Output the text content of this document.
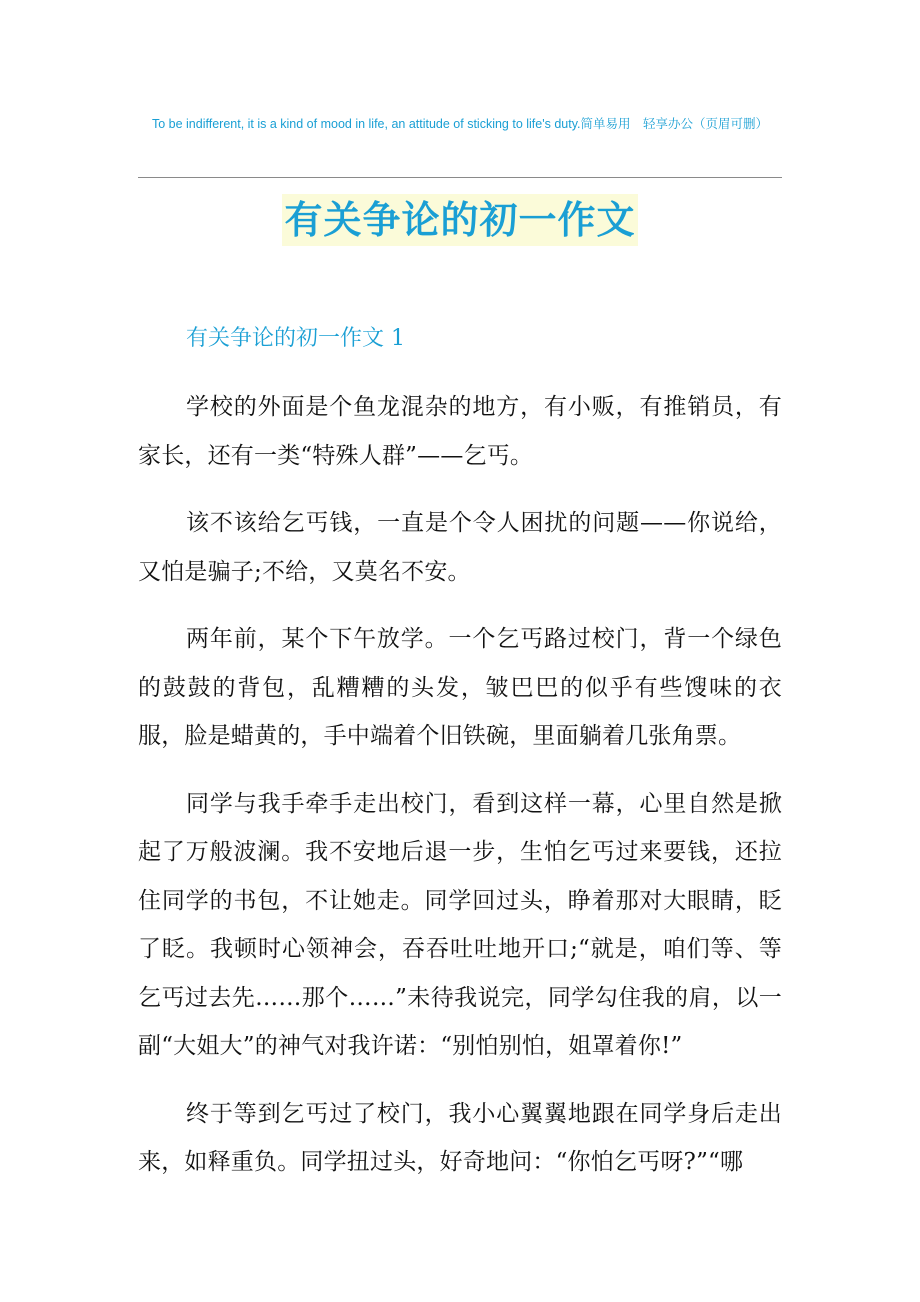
To be indifferent, it is a kind of mood in life, an attitude of sticking to life's duty.简单易用　轻享办公（页眉可删）
有关争论的初一作文
有关争论的初一作文 1

学校的外面是个鱼龙混杂的地方，有小贩，有推销员，有家长，还有一类“特殊人群”——乞丐。

该不该给乞丐钱，一直是个令人困扰的问题——你说给，又怕是骗子;不给，又莫名不安。

两年前，某个下午放学。一个乞丐路过校门，背一个绿色的鼓鼓的背包，乱糟糟的头发，皱巴巴的似乎有些馊味的衣服，脸是蜡黄的，手中端着个旧铁碗，里面躺着几张角票。

同学与我手牵手走出校门，看到这样一幕，心里自然是掀起了万般波澜。我不安地后退一步，生怕乞丐过来要钱，还拉住同学的书包，不让她走。同学回过头，睁着那对大眼睛，眨了眨。我顿时心领神会，吞吞吐吐地开口;“就是，咱们等、等乞丐过去先……那个……”未待我说完，同学勾住我的肩，以一副“大姐大”的神气对我许诺：“别怕别怕，姐罩着你!”

终于等到乞丐过了校门，我小心翼翼地跟在同学身后走出来，如释重负。同学扭过头，好奇地问：“你怕乞丐呀?”“哪
